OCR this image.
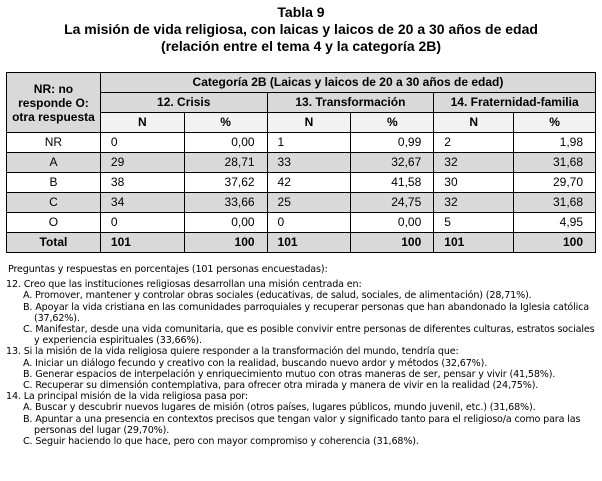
Tabla 9
La misión de vida religiosa, con laicas y laicos de 20 a 30 años de edad
(relación entre el tema 4 y la categoría 2B)
NR: no responde O: otra respuesta	Categoría 2B (Laicas y laicos de 20 a 30 años de edad)					
	12. Crisis		13. Transformación		14. Fraternidad-familia	
	N	%	N	%	N	%
NR	0	0,00	1	0,99	2	1,98
A	29	28,71	33	32,67	32	31,68
B	38	37,62	42	41,58	30	29,70
C	34	33,66	25	24,75	32	31,68
O	0	0,00	0	0,00	5	4,95
Total	101	100	101	100	101	100

Preguntas y respuestas en porcentajes (101 personas encuestadas):

12. Creo que las instituciones religiosas desarrollan una misión centrada en:

A. Promover, mantener y controlar obras sociales (educativas, de salud, sociales, de alimentación) (28,71%).

B. Apoyar la vida cristiana en las comunidades parroquiales y recuperar personas que han abandonado la Iglesia católica (37,62%).

C. Manifestar, desde una vida comunitaria, que es posible convivir entre personas de diferentes culturas, estratos sociales y experiencia espirituales (33,66%).

13. Si la misión de la vida religiosa quiere responder a la transformación del mundo, tendría que:

A. Iniciar un diálogo fecundo y creativo con la realidad, buscando nuevo ardor y métodos (32,67%).

B. Generar espacios de interpelación y enriquecimiento mutuo con otras maneras de ser, pensar y vivir (41,58%).

C. Recuperar su dimensión contemplativa, para ofrecer otra mirada y manera de vivir en la realidad (24,75%).

14. La principal misión de la vida religiosa pasa por:

A. Buscar y descubrir nuevos lugares de misión (otros países, lugares públicos, mundo juvenil, etc.) (31,68%).

B. Apuntar a una presencia en contextos precisos que tengan valor y significado tanto para el religioso/a como para las personas del lugar (29,70%).

C. Seguir haciendo lo que hace, pero con mayor compromiso y coherencia (31,68%).
